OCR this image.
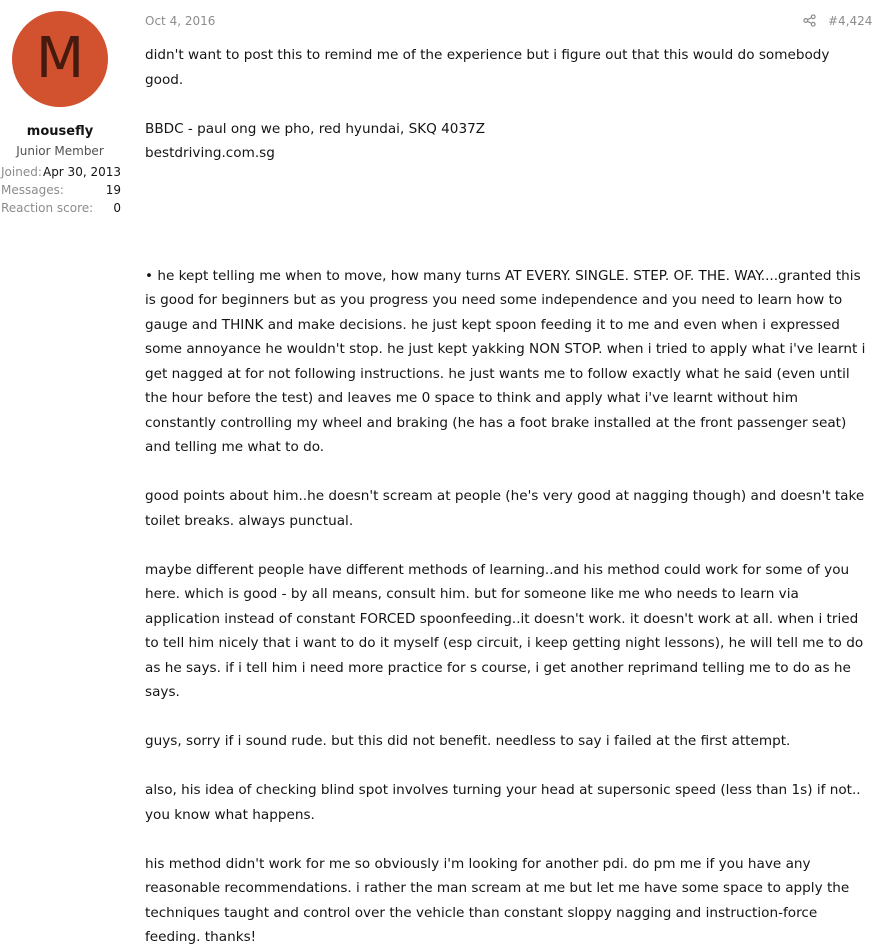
M
mousefly
Junior Member
Joined: Apr 30, 2013
Messages:	19
Reaction score: 0
Oct 4, 2016	#4,424

didn't want to post this to remind me of the experience but i figure out that this would do somebody good.

BBDC - paul ong we pho, red hyundai, SKQ 4037Z

bestdriving.com.sg

• he kept telling me when to move, how many turns AT EVERY. SINGLE. STEP. OF. THE. WAY....granted this is good for beginners but as you progress you need some independence and you need to learn how to gauge and THINK and make decisions. he just kept spoon feeding it to me and even when i expressed some annoyance he wouldn't stop. he just kept yakking NON STOP. when i tried to apply what i've learnt i get nagged at for not following instructions. he just wants me to follow exactly what he said (even until the hour before the test) and leaves me 0 space to think and apply what i've learnt without him constantly controlling my wheel and braking (he has a foot brake installed at the front passenger seat) and telling me what to do.

good points about him..he doesn't scream at people (he's very good at nagging though) and doesn't take toilet breaks. always punctual.

maybe different people have different methods of learning..and his method could work for some of you here. which is good - by all means, consult him. but for someone like me who needs to learn via application instead of constant FORCED spoonfeeding..it doesn't work. it doesn't work at all. when i tried to tell him nicely that i want to do it myself (esp circuit, i keep getting night lessons), he will tell me to do as he says. if i tell him i need more practice for s course, i get another reprimand telling me to do as he says.

guys, sorry if i sound rude. but this did not benefit. needless to say i failed at the first attempt.

also, his idea of checking blind spot involves turning your head at supersonic speed (less than 1s) if not.. you know what happens.

his method didn't work for me so obviously i'm looking for another pdi. do pm me if you have any reasonable recommendations. i rather the man scream at me but let me have some space to apply the techniques taught and control over the vehicle than constant sloppy nagging and instruction-force feeding. thanks!
